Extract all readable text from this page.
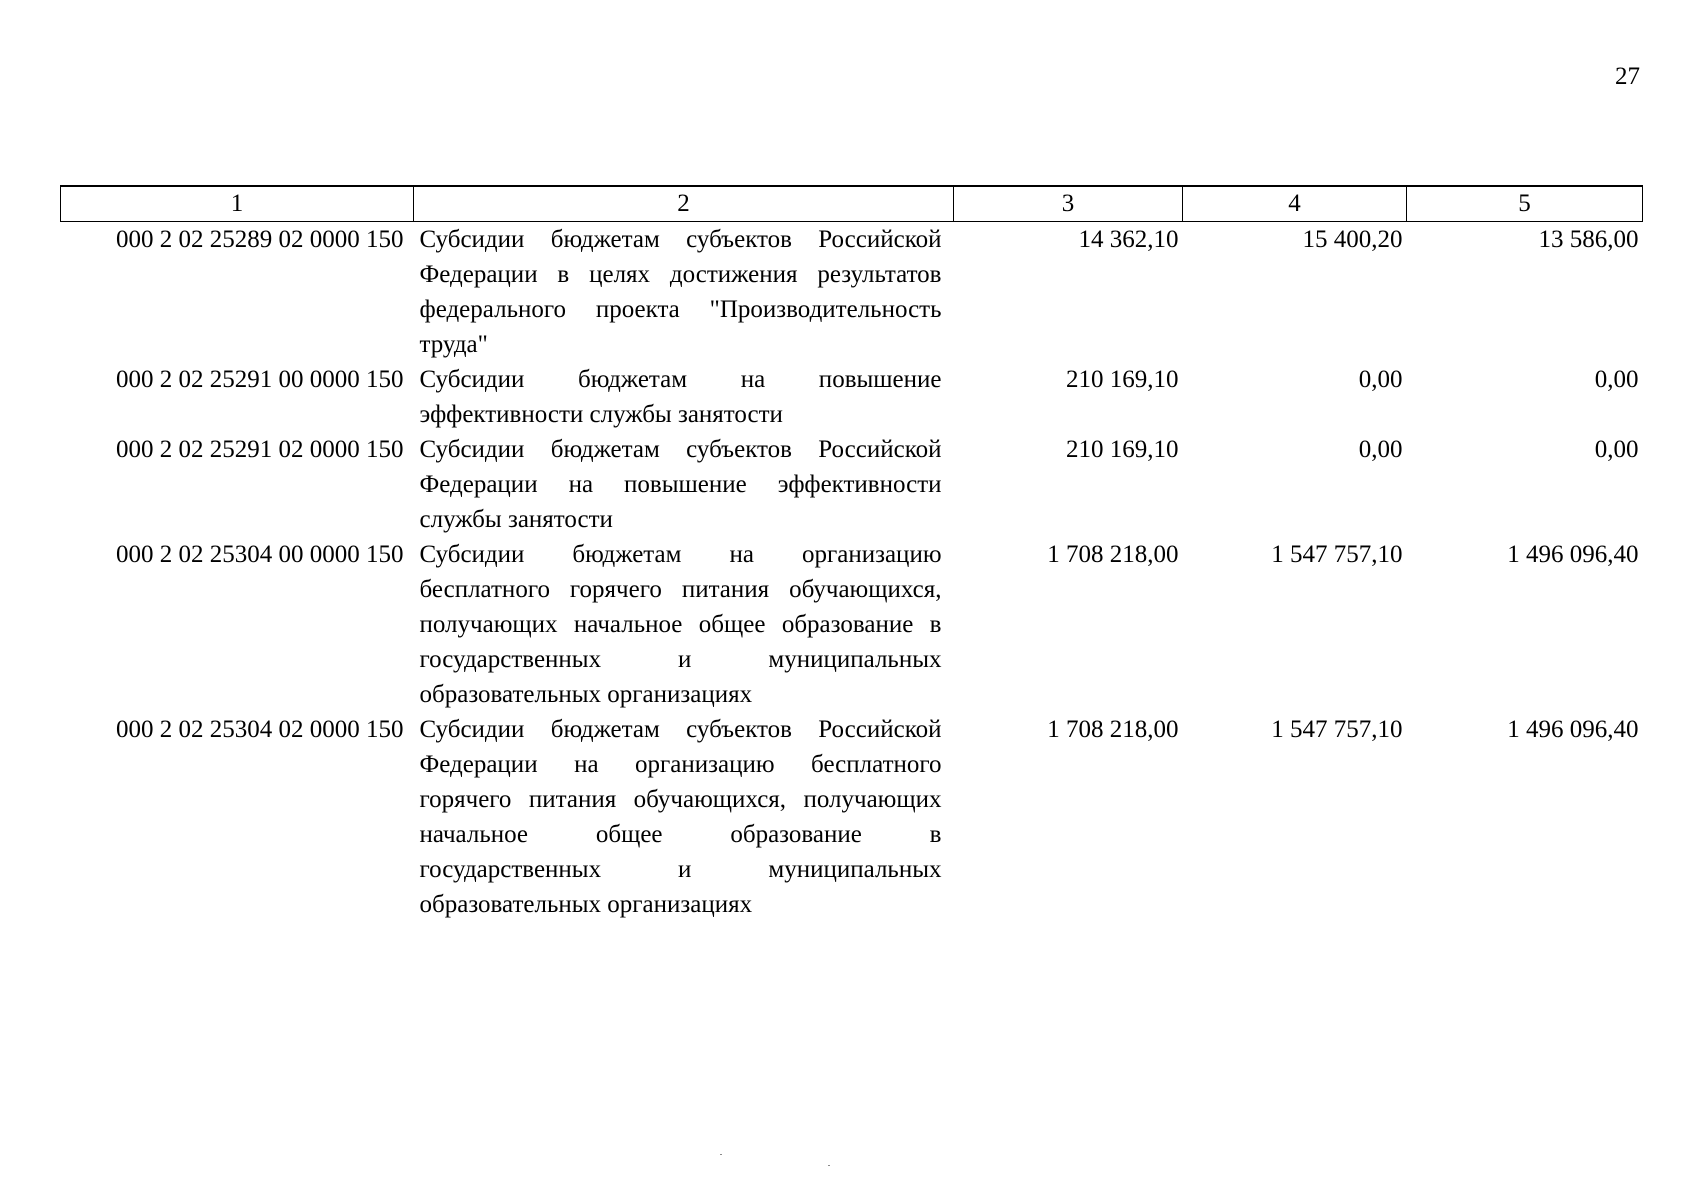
27
1	2	3	4	5
000 2 02 25289 02 0000 150	Субсидии бюджетам субъектов Российской Федерации в целях достижения результатов федерального проекта "Производительность труда"	14 362,10	15 400,20	13 586,00
000 2 02 25291 00 0000 150	Субсидии бюджетам на повышение эффективности службы занятости	210 169,10	0,00	0,00
000 2 02 25291 02 0000 150	Субсидии бюджетам субъектов Российской Федерации на повышение эффективности службы занятости	210 169,10	0,00	0,00
000 2 02 25304 00 0000 150	Субсидии бюджетам на организацию бесплатного горячего питания обучающихся, получающих начальное общее образование в государственных и муниципальных образовательных организациях	1 708 218,00	1 547 757,10	1 496 096,40
000 2 02 25304 02 0000 150	Субсидии бюджетам субъектов Российской Федерации на организацию бесплатного горячего питания обучающихся, получающих начальное общее образование в государственных и муниципальных образовательных организациях	1 708 218,00	1 547 757,10	1 496 096,40
